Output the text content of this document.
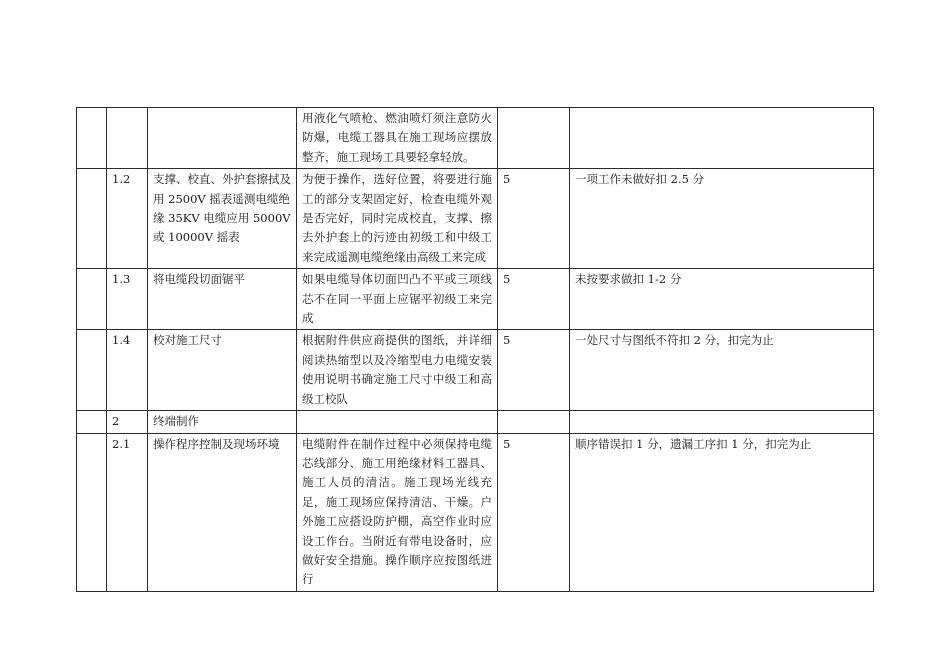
			用液化气喷枪、燃油喷灯须注意防火防爆，电缆工器具在施工现场应摆放整齐，施工现场工具要轻拿轻放。		
	1.2	支撑、校直、外护套擦拭及用 2500V 摇表遥测电缆绝缘 35KV 电缆应用 5000V 或 10000V 摇表	为便于操作，选好位置，将要进行施工的部分支架固定好，检查电缆外观是否完好，同时完成校直，支撑、擦去外护套上的污迹由初级工和中级工来完成遥测电缆绝缘由高级工来完成	5	一项工作未做好扣 2.5 分
	1.3	将电缆段切面锯平	如果电缆导体切面凹凸不平或三项线芯不在同一平面上应锯平初级工来完成	5	未按要求做扣 1-2 分
	1.4	校对施工尺寸	根据附件供应商提供的图纸，并详细阅读热缩型以及冷缩型电力电缆安装使用说明书确定施工尺寸中级工和高级工校队	5	一处尺寸与图纸不符扣 2 分，扣完为止
	2	终端制作			
	2.1	操作程序控制及现场环境	电缆附件在制作过程中必须保持电缆芯线部分、施工用绝缘材料工器具、施工人员的清洁。施工现场光线充足，施工现场应保持清洁、干燥。户外施工应搭设防护棚，高空作业时应设工作台。当附近有带电设备时，应做好安全措施。操作顺序应按图纸进行	5	顺序错误扣 1 分，遗漏工序扣 1 分，扣完为止
